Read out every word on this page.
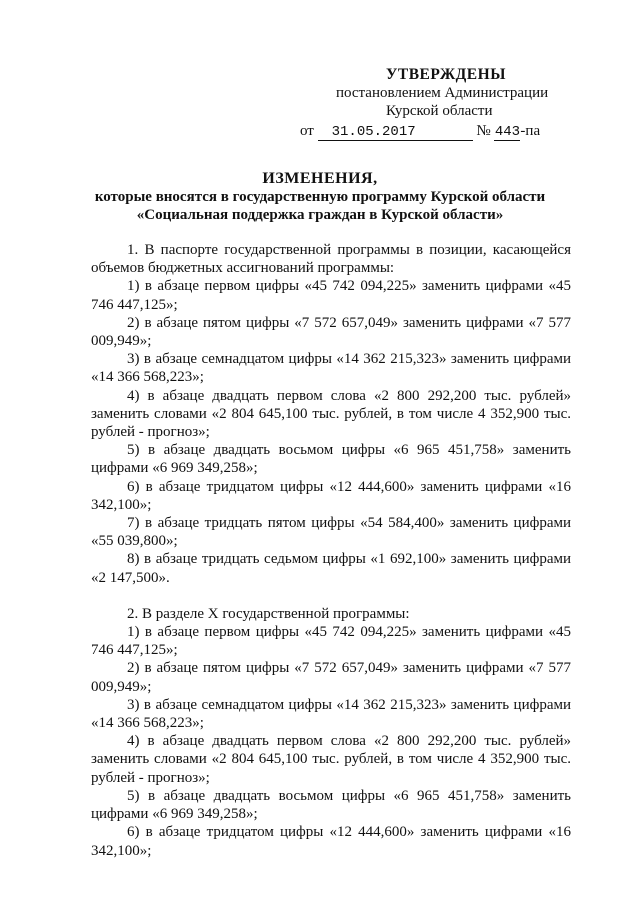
УТВЕРЖДЕНЫ
постановлением Администрации
Курской области
от 31.05.2017	№ 443-па
ИЗМЕНЕНИЯ,
которые вносятся в государственную программу Курской области
«Социальная поддержка граждан в Курской области»

1. В паспорте государственной программы в позиции, касающейся объемов бюджетных ассигнований программы:

1) в абзаце первом цифры «45 742 094,225» заменить цифрами «45 746 447,125»;

2) в абзаце пятом цифры «7 572 657,049» заменить цифрами «7 577 009,949»;

3) в абзаце семнадцатом цифры «14 362 215,323» заменить цифрами «14 366 568,223»;

4) в абзаце двадцать первом слова «2 800 292,200 тыс. рублей» заменить словами «2 804 645,100 тыс. рублей, в том числе 4 352,900 тыс. рублей - прогноз»;

5) в абзаце двадцать восьмом цифры «6 965 451,758» заменить цифрами «6 969 349,258»;

6) в абзаце тридцатом цифры «12 444,600» заменить цифрами «16 342,100»;

7) в абзаце тридцать пятом цифры «54 584,400» заменить цифрами «55 039,800»;

8) в абзаце тридцать седьмом цифры «1 692,100» заменить цифрами «2 147,500».

2. В разделе X государственной программы:

1) в абзаце первом цифры «45 742 094,225» заменить цифрами «45 746 447,125»;

2) в абзаце пятом цифры «7 572 657,049» заменить цифрами «7 577 009,949»;

3) в абзаце семнадцатом цифры «14 362 215,323» заменить цифрами «14 366 568,223»;

4) в абзаце двадцать первом слова «2 800 292,200 тыс. рублей» заменить словами «2 804 645,100 тыс. рублей, в том числе 4 352,900 тыс. рублей - прогноз»;

5) в абзаце двадцать восьмом цифры «6 965 451,758» заменить цифрами «6 969 349,258»;

6) в абзаце тридцатом цифры «12 444,600» заменить цифрами «16 342,100»;
